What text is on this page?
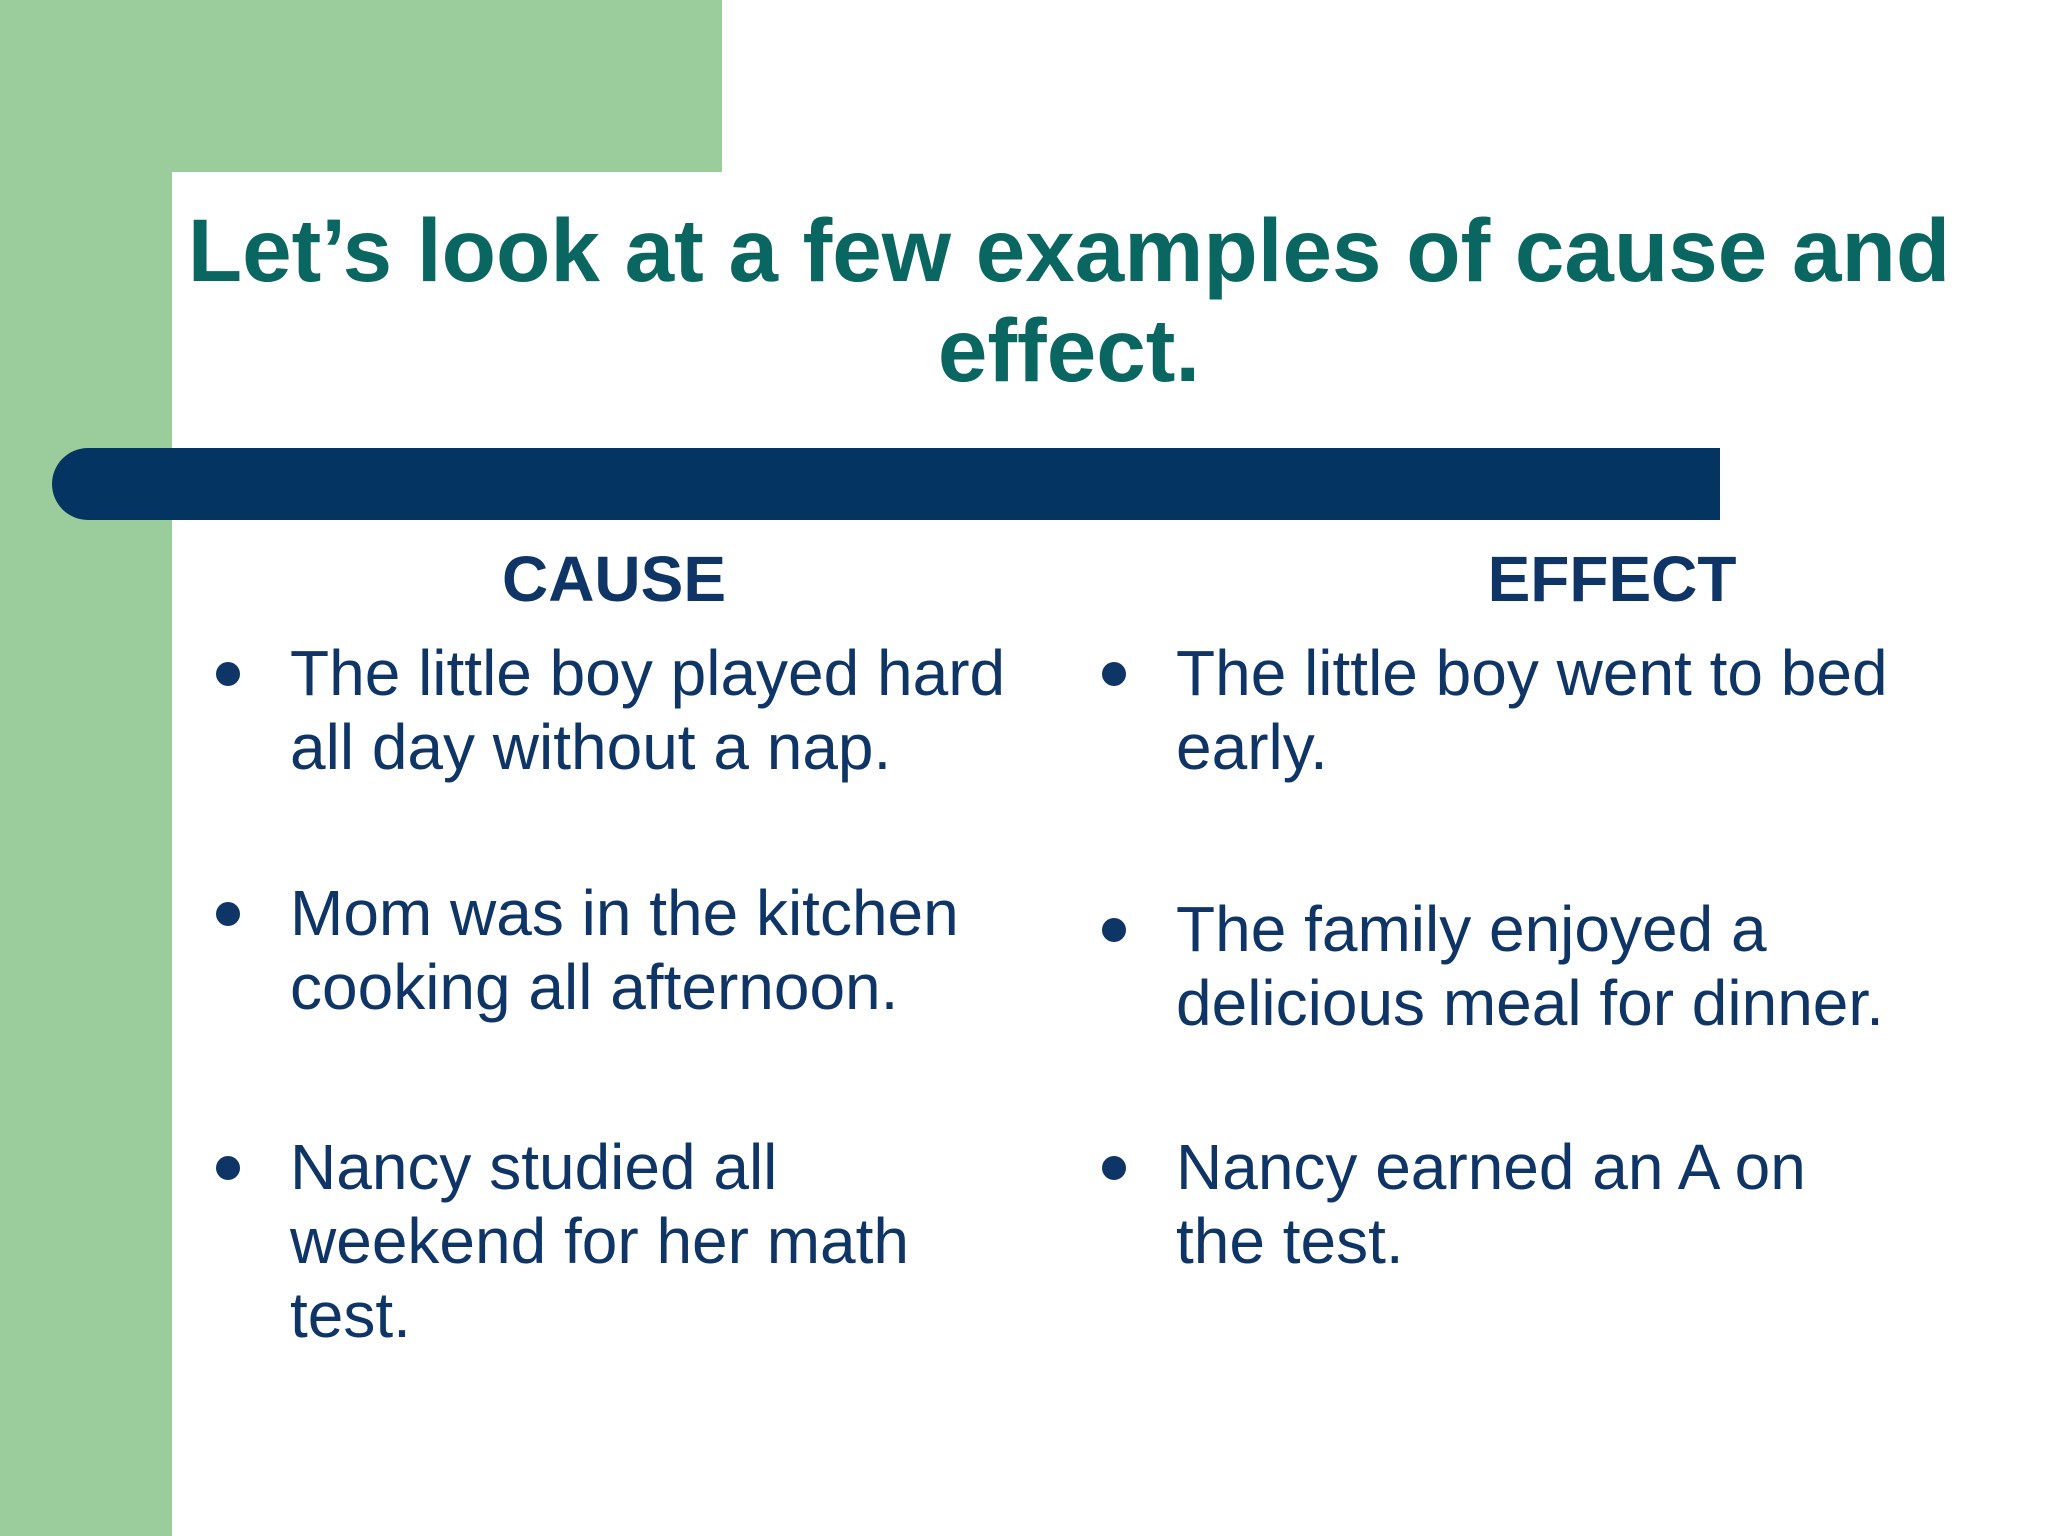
Let’s look at a few examples of cause and effect.
CAUSE	EFFECT
The little boy played hard all day without a nap.
Mom was in the kitchen cooking all afternoon.
Nancy studied all weekend for her math test.
The little boy went to bed early.
The family enjoyed a delicious meal for dinner.
Nancy earned an A on the test.
